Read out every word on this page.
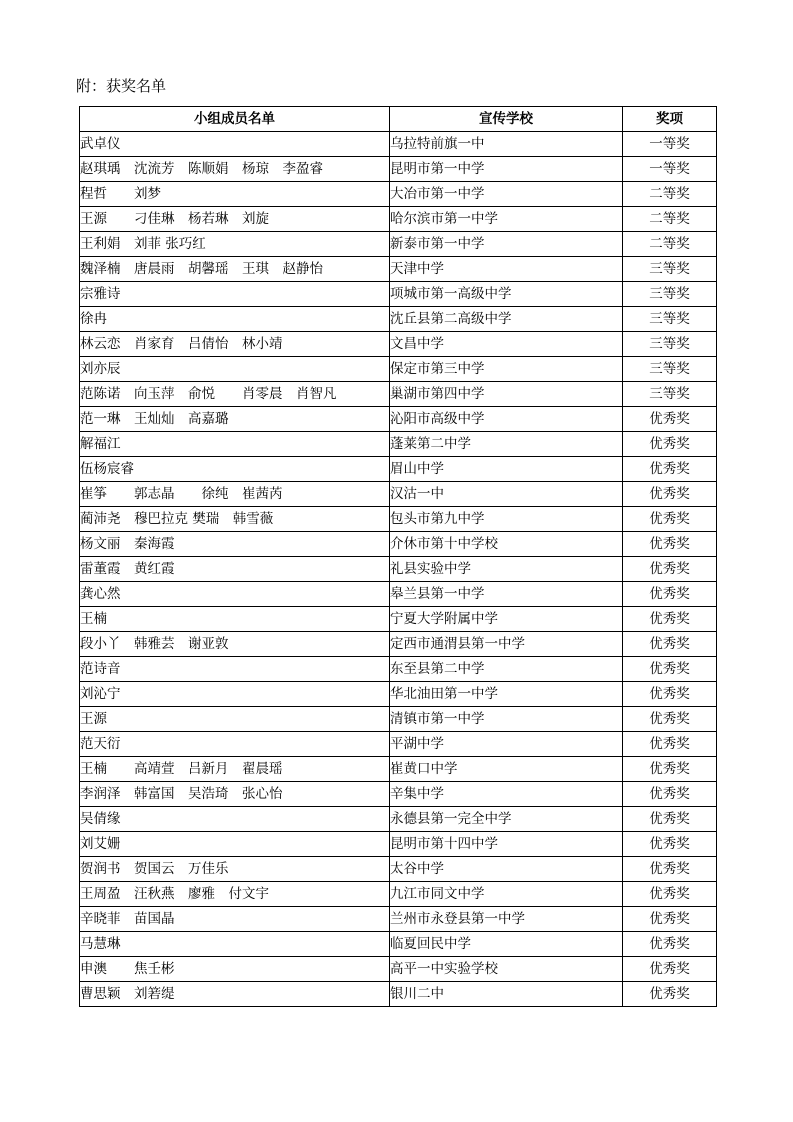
附：获奖名单
小组成员名单	宣传学校	奖项
武卓仪	乌拉特前旗一中	一等奖
赵琪瑀　沈流芳　陈顺娟　杨琼　李盈睿	昆明市第一中学	一等奖
程哲　　刘梦	大冶市第一中学	二等奖
王源　　刁佳琳　杨若琳　刘旋	哈尔滨市第一中学	二等奖
王利娟　刘菲 张巧红	新泰市第一中学	二等奖
魏泽楠　唐晨雨　胡馨瑶　王琪　赵静怡	天津中学	三等奖
宗雅诗	项城市第一高级中学	三等奖
徐冉	沈丘县第二高级中学	三等奖
林云恋　肖家育　吕倩怡　林小靖	文昌中学	三等奖
刘亦辰	保定市第三中学	三等奖
范陈诺　向玉萍　俞悦　　肖零晨　肖智凡	巢湖市第四中学	三等奖
范一琳　王灿灿　高嘉璐	沁阳市高级中学	优秀奖
解福江	蓬莱第二中学	优秀奖
伍杨宸睿	眉山中学	优秀奖
崔筝　　郭志晶　　徐纯　崔茜芮	汉沽一中	优秀奖
蔺沛尧　穆巴拉克 樊瑞　韩雪薇	包头市第九中学	优秀奖
杨文丽　秦海霞	介休市第十中学校	优秀奖
雷董霞　黄红霞	礼县实验中学	优秀奖
龚心然	皋兰县第一中学	优秀奖
王楠	宁夏大学附属中学	优秀奖
段小丫　韩雅芸　谢亚敦	定西市通渭县第一中学	优秀奖
范诗音	东至县第二中学	优秀奖
刘沁宁	华北油田第一中学	优秀奖
王源	清镇市第一中学	优秀奖
范天衍	平湖中学	优秀奖
王楠　　高靖萱　吕新月　翟晨瑶	崔黄口中学	优秀奖
李润泽　韩富国　吴浩琦　张心怡	辛集中学	优秀奖
吴倩缘	永德县第一完全中学	优秀奖
刘艾姗	昆明市第十四中学	优秀奖
贺润书　贺国云　万佳乐	太谷中学	优秀奖
王周盈　汪秋燕　廖雅　付文宇	九江市同文中学	优秀奖
辛晓菲　苗国晶	兰州市永登县第一中学	优秀奖
马慧琳	临夏回民中学	优秀奖
申澳　　焦壬彬	高平一中实验学校	优秀奖
曹思颖　刘箬缇	银川二中	优秀奖
